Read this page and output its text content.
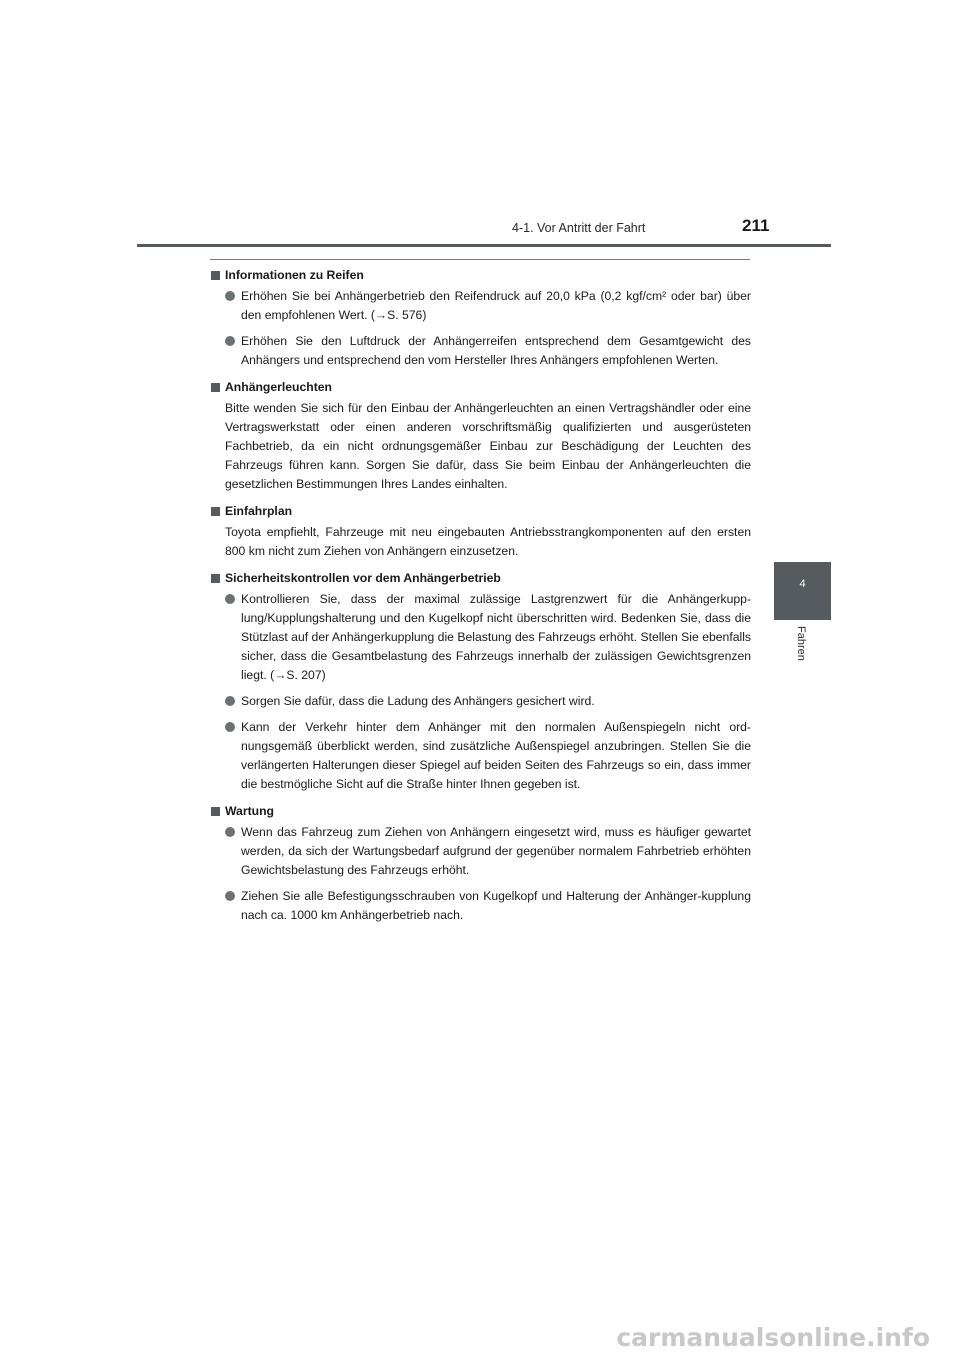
4-1. Vor Antritt der Fahrt	211
4
Fahren
Informationen zu Reifen
Erhöhen Sie bei Anhängerbetrieb den Reifendruck auf 20,0 kPa (0,2 kgf/cm² oder bar) über den empfohlenen Wert. (→S. 576)
Erhöhen Sie den Luftdruck der Anhängerreifen entsprechend dem Gesamtgewicht des Anhängers und entsprechend den vom Hersteller Ihres Anhängers empfohlenen Werten.
Anhängerleuchten
Bitte wenden Sie sich für den Einbau der Anhängerleuchten an einen Vertragshändler oder eine Vertragswerkstatt oder einen anderen vorschriftsmäßig qualifizierten und ausgerüsteten Fachbetrieb, da ein nicht ordnungsgemäßer Einbau zur Beschädigung der Leuchten des Fahrzeugs führen kann. Sorgen Sie dafür, dass Sie beim Einbau der Anhängerleuchten die gesetzlichen Bestimmungen Ihres Landes einhalten.
Einfahrplan
Toyota empfiehlt, Fahrzeuge mit neu eingebauten Antriebsstrangkomponenten auf den ersten 800 km nicht zum Ziehen von Anhängern einzusetzen.
Sicherheitskontrollen vor dem Anhängerbetrieb
Kontrollieren Sie, dass der maximal zulässige Lastgrenzwert für die Anhängerkupp-lung/Kupplungshalterung und den Kugelkopf nicht überschritten wird. Bedenken Sie, dass die Stützlast auf der Anhängerkupplung die Belastung des Fahrzeugs erhöht. Stellen Sie ebenfalls sicher, dass die Gesamtbelastung des Fahrzeugs innerhalb der zulässigen Gewichtsgrenzen liegt. (→S. 207)
Sorgen Sie dafür, dass die Ladung des Anhängers gesichert wird.
Kann der Verkehr hinter dem Anhänger mit den normalen Außenspiegeln nicht ord-nungsgemäß überblickt werden, sind zusätzliche Außenspiegel anzubringen. Stellen Sie die verlängerten Halterungen dieser Spiegel auf beiden Seiten des Fahrzeugs so ein, dass immer die bestmögliche Sicht auf die Straße hinter Ihnen gegeben ist.
Wartung
Wenn das Fahrzeug zum Ziehen von Anhängern eingesetzt wird, muss es häufiger gewartet werden, da sich der Wartungsbedarf aufgrund der gegenüber normalem Fahrbetrieb erhöhten Gewichtsbelastung des Fahrzeugs erhöht.
Ziehen Sie alle Befestigungsschrauben von Kugelkopf und Halterung der Anhänger-kupplung nach ca. 1000 km Anhängerbetrieb nach.
carmanualsonline.info
